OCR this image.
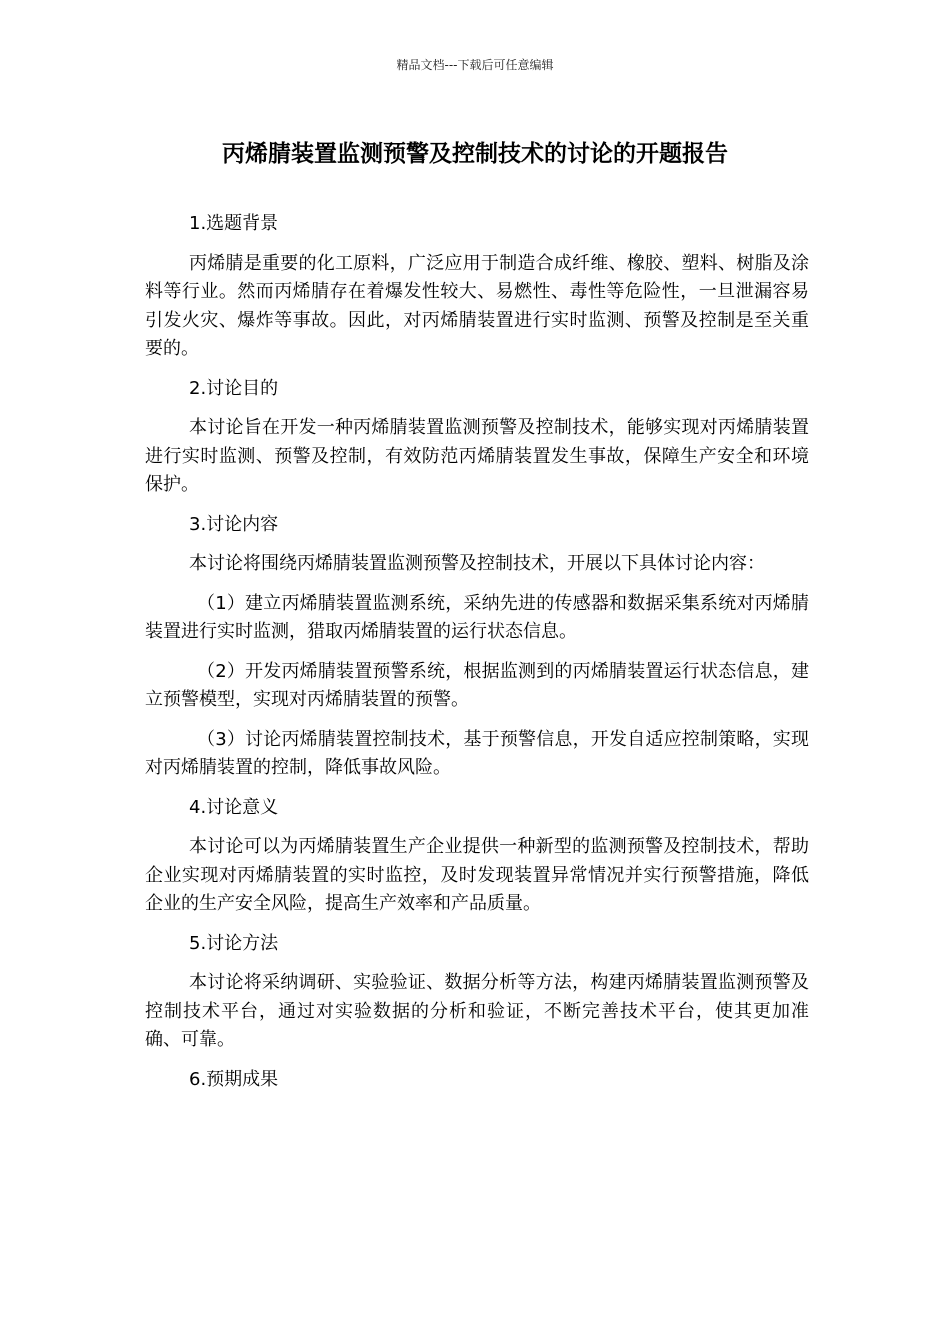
精品文档---下载后可任意编辑
丙烯腈装置监测预警及控制技术的讨论的开题报告
1.选题背景
丙烯腈是重要的化工原料，广泛应用于制造合成纤维、橡胶、塑料、树脂及涂料等行业。然而丙烯腈存在着爆发性较大、易燃性、毒性等危险性，一旦泄漏容易引发火灾、爆炸等事故。因此，对丙烯腈装置进行实时监测、预警及控制是至关重要的。
2.讨论目的
本讨论旨在开发一种丙烯腈装置监测预警及控制技术，能够实现对丙烯腈装置进行实时监测、预警及控制，有效防范丙烯腈装置发生事故，保障生产安全和环境保护。
3.讨论内容
本讨论将围绕丙烯腈装置监测预警及控制技术，开展以下具体讨论内容：
（1）建立丙烯腈装置监测系统，采纳先进的传感器和数据采集系统对丙烯腈装置进行实时监测，猎取丙烯腈装置的运行状态信息。
（2）开发丙烯腈装置预警系统，根据监测到的丙烯腈装置运行状态信息，建立预警模型，实现对丙烯腈装置的预警。
（3）讨论丙烯腈装置控制技术，基于预警信息，开发自适应控制策略，实现对丙烯腈装置的控制，降低事故风险。
4.讨论意义
本讨论可以为丙烯腈装置生产企业提供一种新型的监测预警及控制技术，帮助企业实现对丙烯腈装置的实时监控，及时发现装置异常情况并实行预警措施，降低企业的生产安全风险，提高生产效率和产品质量。
5.讨论方法
本讨论将采纳调研、实验验证、数据分析等方法，构建丙烯腈装置监测预警及控制技术平台，通过对实验数据的分析和验证，不断完善技术平台，使其更加准确、可靠。
6.预期成果
